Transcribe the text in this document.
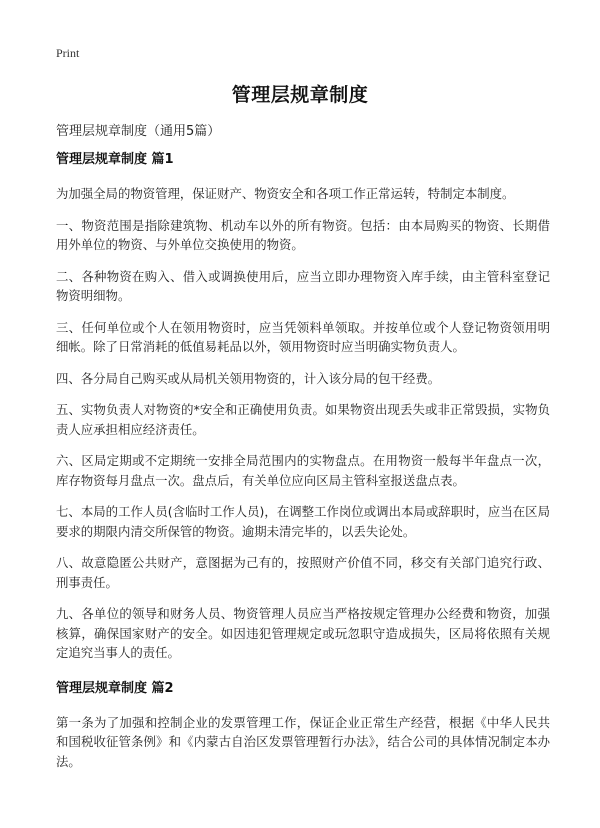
Print
管理层规章制度
管理层规章制度（通用5篇）
管理层规章制度 篇1

为加强全局的物资管理，保证财产、物资安全和各项工作正常运转，特制定本制度。

一、物资范围是指除建筑物、机动车以外的所有物资。包括：由本局购买的物资、长期借用外单位的物资、与外单位交换使用的物资。

二、各种物资在购入、借入或调换使用后，应当立即办理物资入库手续，由主管科室登记物资明细物。

三、任何单位或个人在领用物资时，应当凭领料单领取。并按单位或个人登记物资领用明细帐。除了日常消耗的低值易耗品以外，领用物资时应当明确实物负责人。

四、各分局自己购买或从局机关领用物资的，计入该分局的包干经费。

五、实物负责人对物资的*安全和正确使用负责。如果物资出现丢失或非正常毁损，实物负责人应承担相应经济责任。

六、区局定期或不定期统一安排全局范围内的实物盘点。在用物资一般每半年盘点一次，库存物资每月盘点一次。盘点后，有关单位应向区局主管科室报送盘点表。

七、本局的工作人员(含临时工作人员)，在调整工作岗位或调出本局或辞职时，应当在区局要求的期限内清交所保管的物资。逾期未清完毕的，以丢失论处。

八、故意隐匿公共财产，意图据为己有的，按照财产价值不同，移交有关部门追究行政、刑事责任。

九、各单位的领导和财务人员、物资管理人员应当严格按规定管理办公经费和物资，加强核算，确保国家财产的安全。如因违犯管理规定或玩忽职守造成损失，区局将依照有关规定追究当事人的责任。

管理层规章制度 篇2

第一条为了加强和控制企业的发票管理工作，保证企业正常生产经营，根据《中华人民共和国税收征管条例》和《内蒙古自治区发票管理暂行办法》，结合公司的具体情况制定本办法。
